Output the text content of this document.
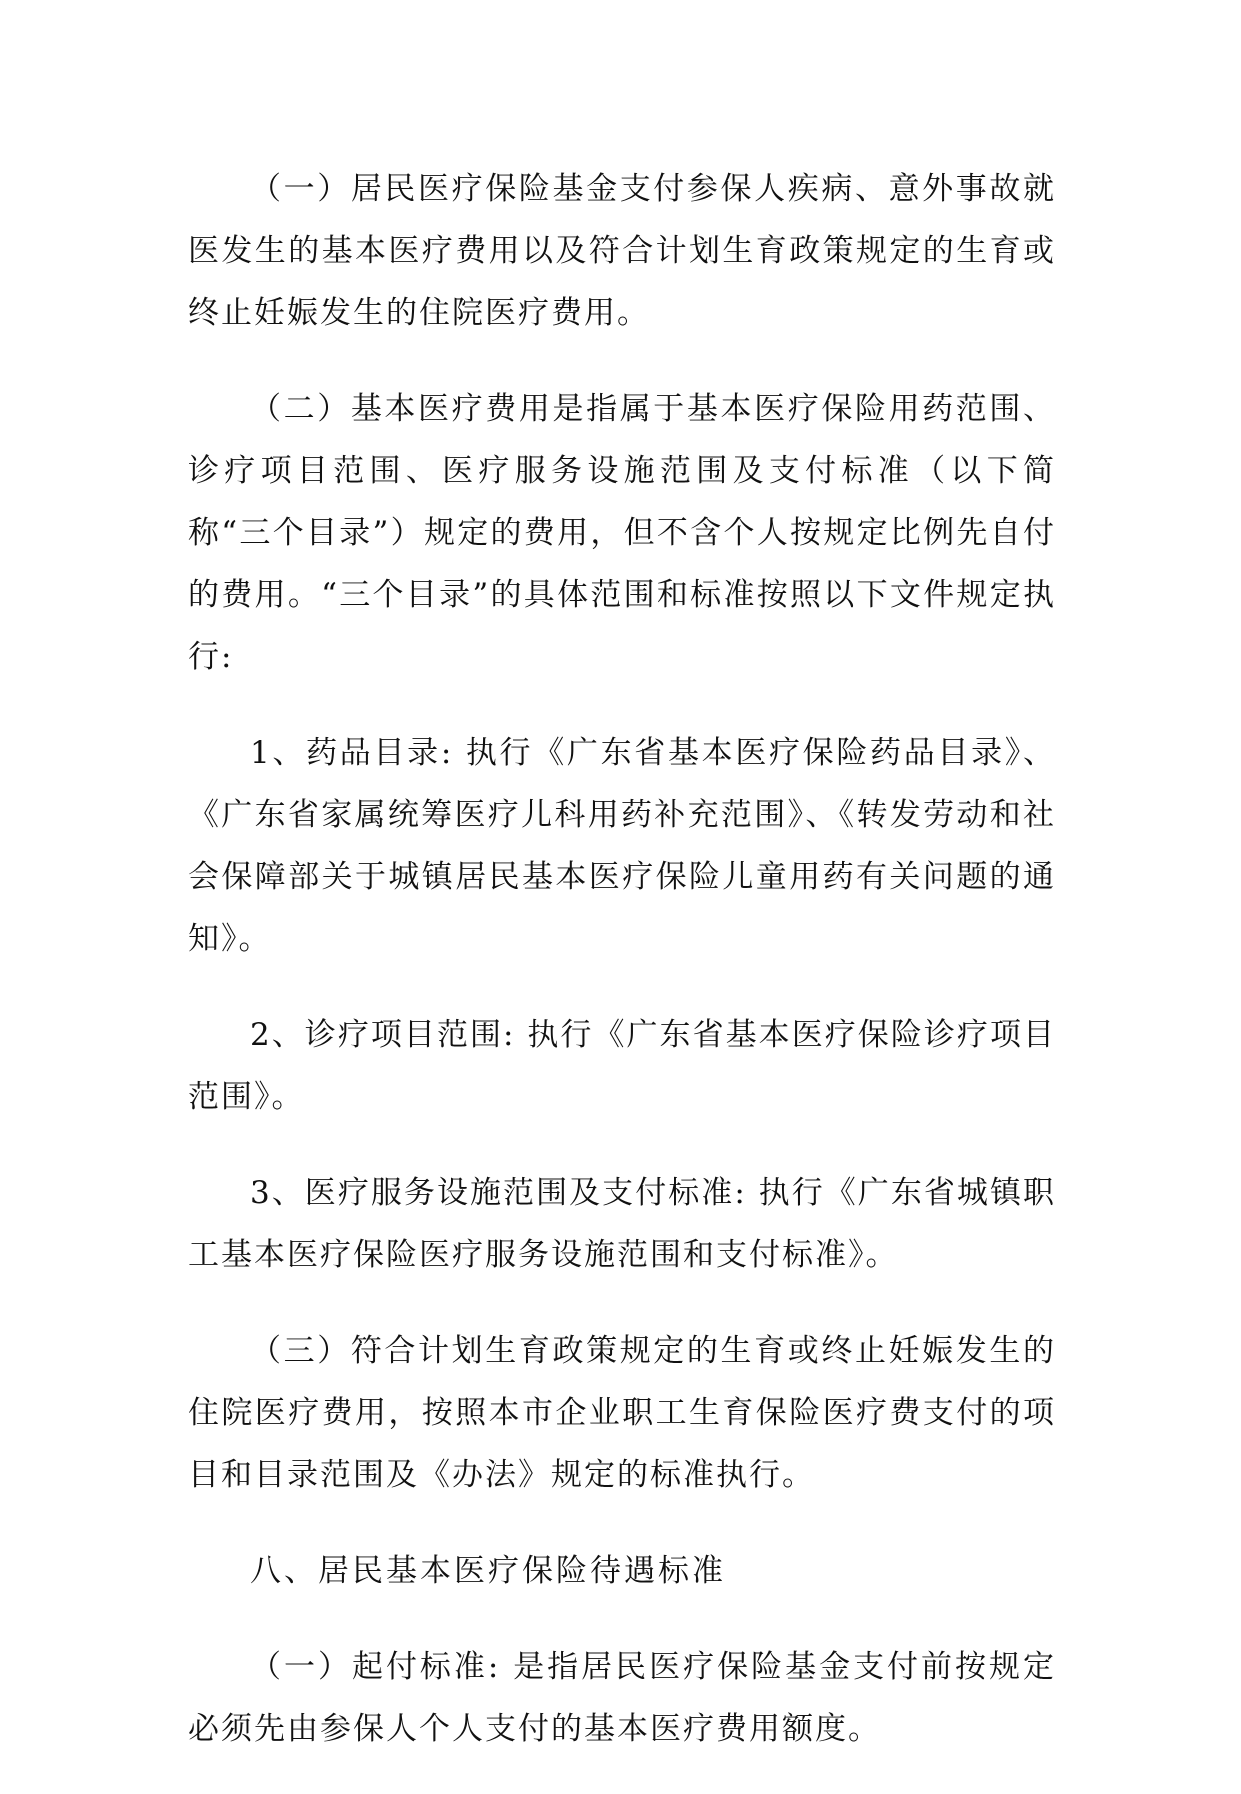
（一）居民医疗保险基金支付参保人疾病、意外事故就医发生的基本医疗费用以及符合计划生育政策规定的生育或终止妊娠发生的住院医疗费用。

（二）基本医疗费用是指属于基本医疗保险用药范围、诊疗项目范围、医疗服务设施范围及支付标准（以下简称“三个目录”）规定的费用，但不含个人按规定比例先自付的费用。“三个目录”的具体范围和标准按照以下文件规定执行:

1、药品目录: 执行《广东省基本医疗保险药品目录》、《广东省家属统筹医疗儿科用药补充范围》、《转发劳动和社会保障部关于城镇居民基本医疗保险儿童用药有关问题的通知》。

2、诊疗项目范围: 执行《广东省基本医疗保险诊疗项目范围》。

3、医疗服务设施范围及支付标准: 执行《广东省城镇职工基本医疗保险医疗服务设施范围和支付标准》。

（三）符合计划生育政策规定的生育或终止妊娠发生的住院医疗费用，按照本市企业职工生育保险医疗费支付的项目和目录范围及《办法》规定的标准执行。

八、居民基本医疗保险待遇标准

（一）起付标准: 是指居民医疗保险基金支付前按规定必须先由参保人个人支付的基本医疗费用额度。
